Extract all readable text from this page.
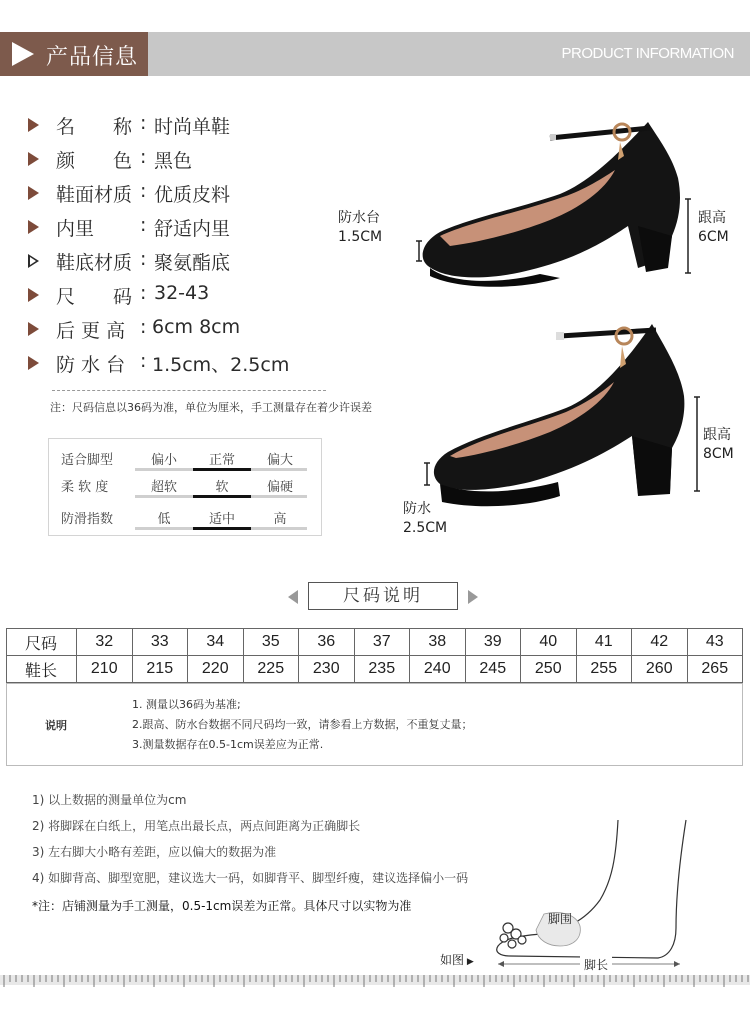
产品信息	PRODUCT INFORMATION
名　　称 : 时尚单鞋
颜　　色 : 黑色
鞋面材质 : 优质皮料
内里　　 : 舒适内里
鞋底材质 : 聚氨酯底
尺　　码 : 32-43
后 更 高 : 6cm 8cm
防 水 台 : 1.5cm、2.5cm
注：尺码信息以36码为准，单位为厘米，手工测量存在着少许误差
适合脚型	偏小	正常	偏大
柔 软 度	超软	软	偏硬
防滑指数	低	适中	高
防水台
1.5CM
跟高
6CM
防水
2.5CM
跟高
8CM
尺码说明
尺码	32	33	34	35	36	37	38	39	40	41	42	43
鞋长	210	215	220	225	230	235	240	245	250	255	260	265
说明
1. 测量以36码为基准;
2.跟高、防水台数据不同尺码均一致，请参看上方数据，不重复丈量；
3.测量数据存在0.5-1cm误差应为正常.
1) 以上数据的测量单位为cm
2) 将脚踩在白纸上，用笔点出最长点，两点间距离为正确脚长
3) 左右脚大小略有差距，应以偏大的数据为准
4) 如脚背高、脚型宽肥，建议选大一码，如脚背平、脚型纤瘦，建议选择偏小一码
*注：店铺测量为手工测量，0.5-1cm误差为正常。具体尺寸以实物为准
脚围
脚长
如图 ▶
